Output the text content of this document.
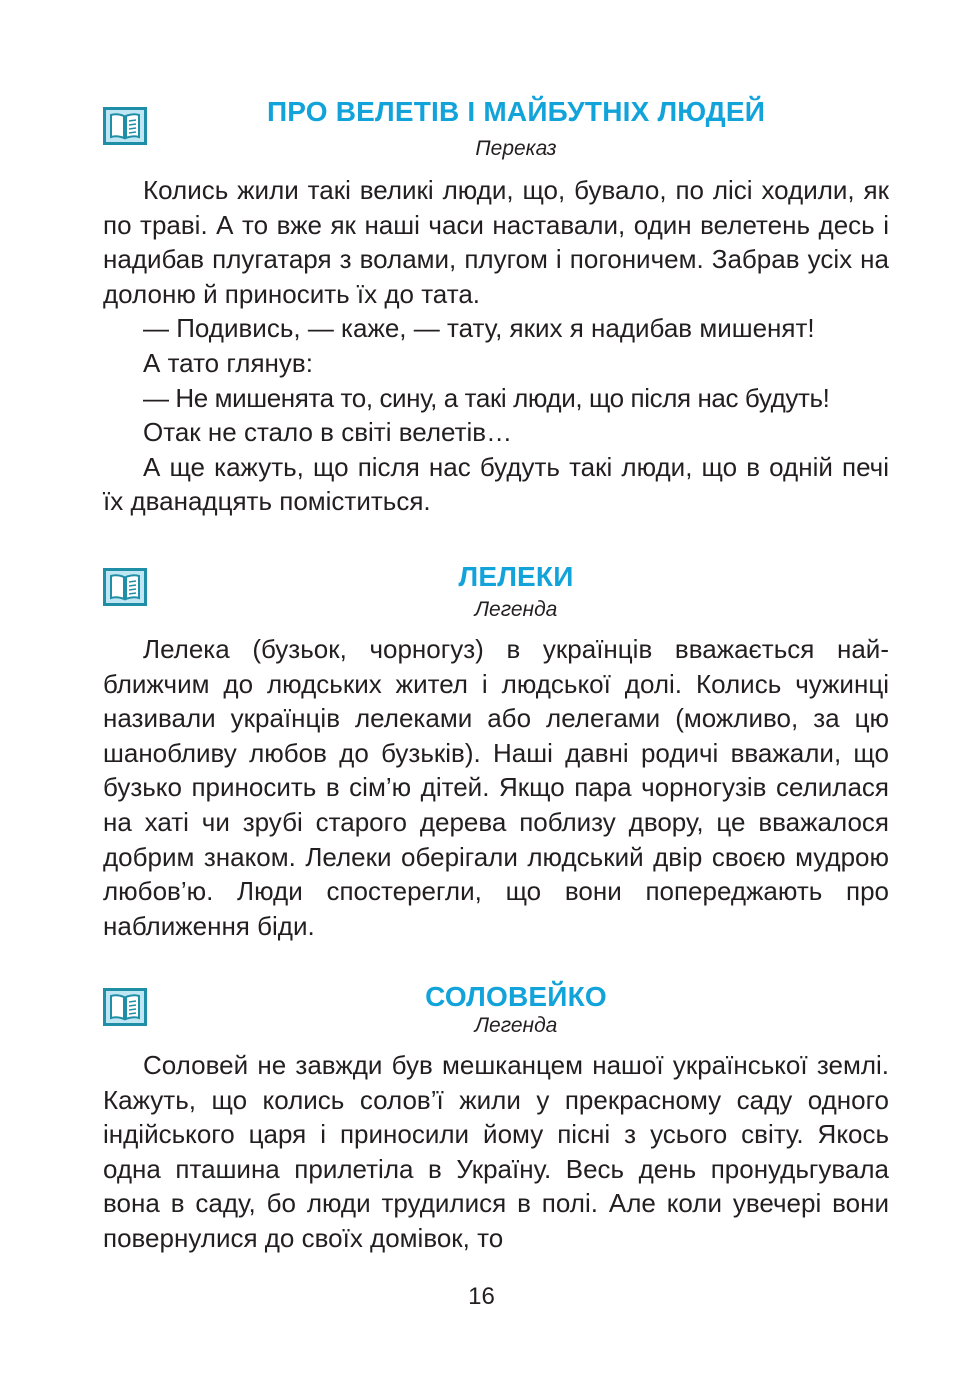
ПРО ВЕЛЕТІВ І МАЙБУТНІХ ЛЮДЕЙ

Переказ

Колись жили такі великі люди, що, бувало, по лісі ходили, як по траві. А то вже як наші часи наставали, один велетень десь і надибав плугатаря з волами, плугом і погоничем. Забрав усіх на долоню й приносить їх до тата.

— Подивись, — каже, — тату, яких я надибав мишенят!

А тато глянув:

— Не мишенята то, сину, а такі люди, що після нас будуть!

Отак не стало в світі велетів…

А ще кажуть, що після нас будуть такі люди, що в одній печі їх дванадцять поміститься.

ЛЕЛЕКИ

Легенда

Лелека (бузьок, чорногуз) в українців вважається найближчим до людських жител і людської долі. Колись чужинці називали українців лелеками або лелегами (можливо, за цю шанобливу любов до бузьків). Наші давні родичі вважали, що бузько приносить в сім’ю дітей. Якщо пара чорногузів селилася на хаті чи зрубі старого дерева поблизу двору, це вважалося добрим знаком. Лелеки оберігали людський двір своєю мудрою любов’ю. Люди спостерегли, що вони попереджають про наближення біди.

СОЛОВЕЙКО

Легенда

Соловей не завжди був мешканцем нашої української землі. Кажуть, що колись солов’ї жили у прекрасному саду одного індійського царя і приносили йому пісні з усього світу. Якось одна пташина прилетіла в Україну. Весь день пронудьгувала вона в саду, бо люди трудилися в полі. Але коли увечері вони повернулися до своїх домівок, то

16
